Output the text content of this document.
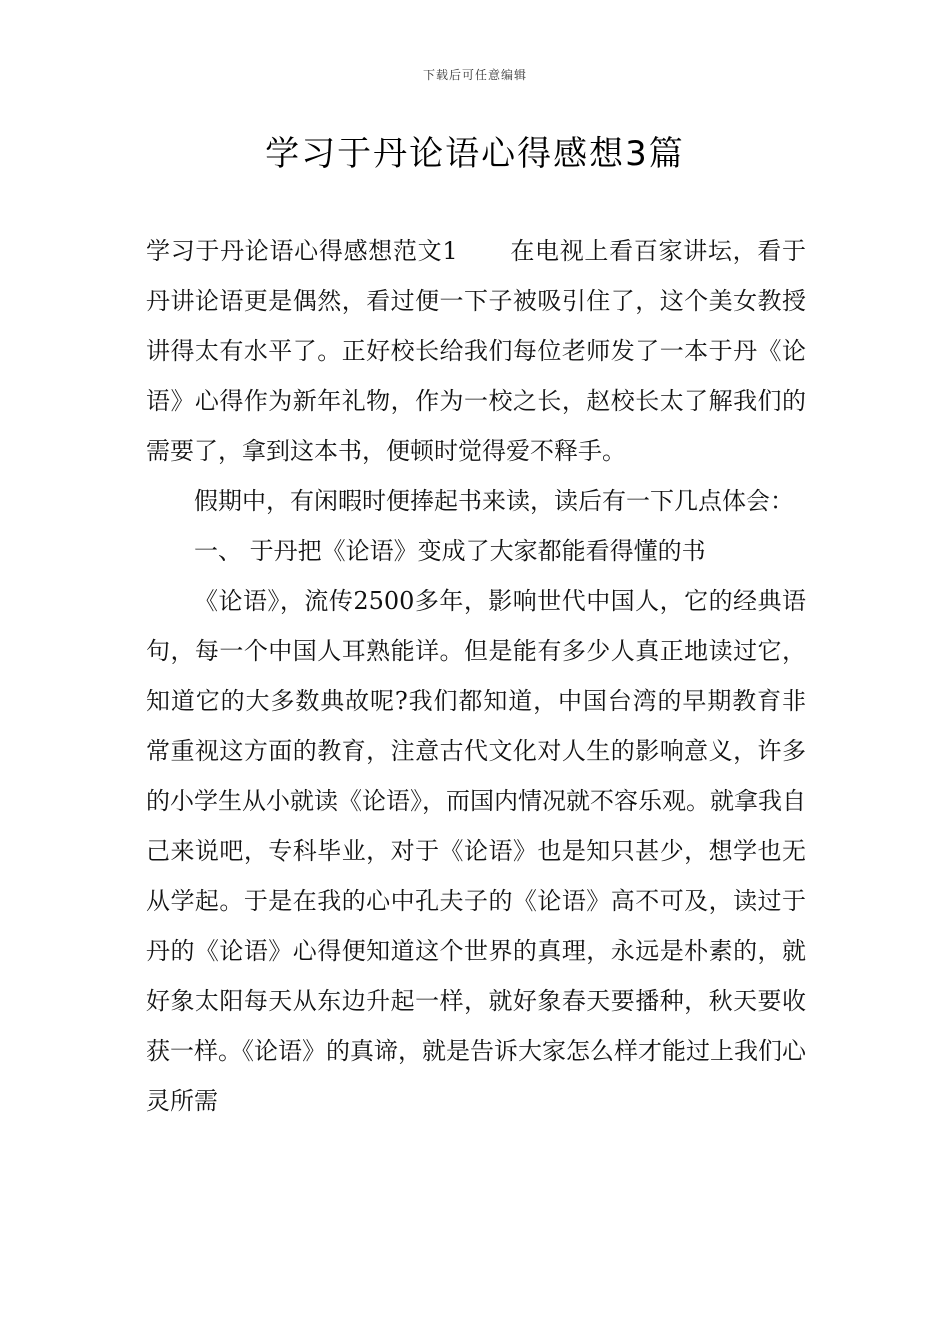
下载后可任意编辑
学习于丹论语心得感想3篇

学习于丹论语心得感想范文1 在电视上看百家讲坛，看于丹讲论语更是偶然，看过便一下子被吸引住了，这个美女教授讲得太有水平了。正好校长给我们每位老师发了一本于丹《论语》心得作为新年礼物，作为一校之长，赵校长太了解我们的需要了，拿到这本书，便顿时觉得爱不释手。

假期中，有闲暇时便捧起书来读，读后有一下几点体会：

一、 于丹把《论语》变成了大家都能看得懂的书

《论语》，流传2500多年，影响世代中国人，它的经典语句，每一个中国人耳熟能详。但是能有多少人真正地读过它，知道它的大多数典故呢?我们都知道，中国台湾的早期教育非常重视这方面的教育，注意古代文化对人生的影响意义，许多的小学生从小就读《论语》，而国内情况就不容乐观。就拿我自己来说吧，专科毕业，对于《论语》也是知只甚少，想学也无从学起。于是在我的心中孔夫子的《论语》高不可及，读过于丹的《论语》心得便知道这个世界的真理，永远是朴素的，就好象太阳每天从东边升起一样，就好象春天要播种，秋天要收获一样。《论语》的真谛，就是告诉大家怎么样才能过上我们心灵所需
